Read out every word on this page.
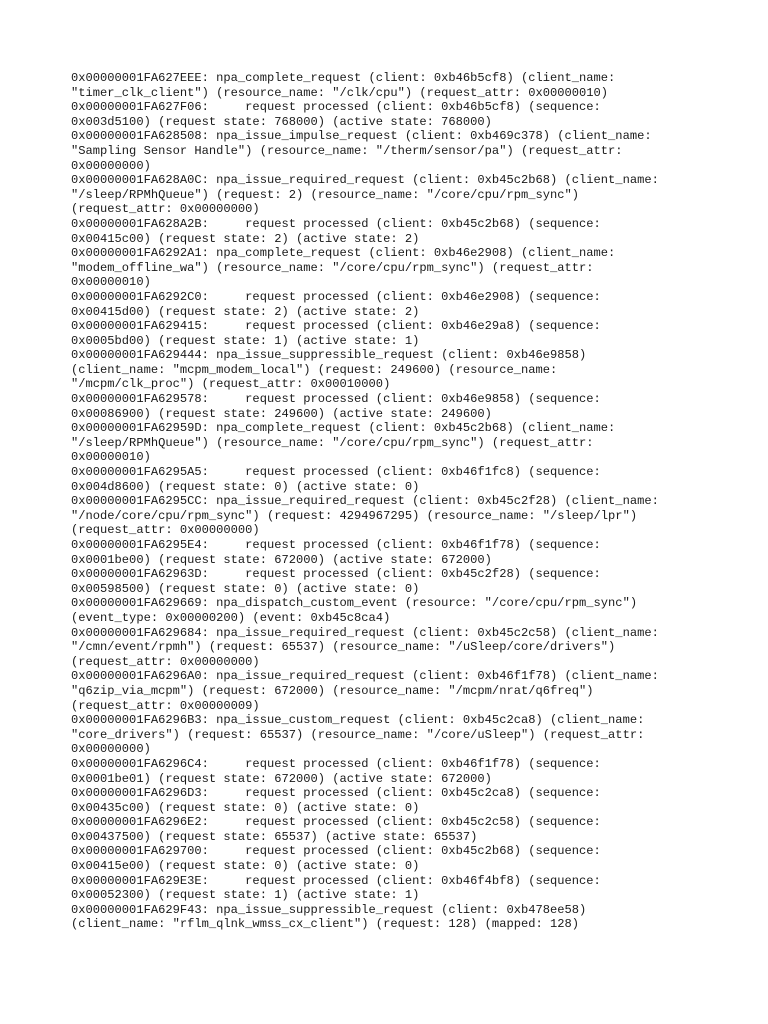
0x00000001FA627EEE: npa_complete_request (client: 0xb46b5cf8) (client_name:
"timer_clk_client") (resource_name: "/clk/cpu") (request_attr: 0x00000010)
0x00000001FA627F06:     request processed (client: 0xb46b5cf8) (sequence:
0x003d5100) (request state: 768000) (active state: 768000)
0x00000001FA628508: npa_issue_impulse_request (client: 0xb469c378) (client_name:
"Sampling Sensor Handle") (resource_name: "/therm/sensor/pa") (request_attr:
0x00000000)
0x00000001FA628A0C: npa_issue_required_request (client: 0xb45c2b68) (client_name:
"/sleep/RPMhQueue") (request: 2) (resource_name: "/core/cpu/rpm_sync")
(request_attr: 0x00000000)
0x00000001FA628A2B:     request processed (client: 0xb45c2b68) (sequence:
0x00415c00) (request state: 2) (active state: 2)
0x00000001FA6292A1: npa_complete_request (client: 0xb46e2908) (client_name:
"modem_offline_wa") (resource_name: "/core/cpu/rpm_sync") (request_attr:
0x00000010)
0x00000001FA6292C0:     request processed (client: 0xb46e2908) (sequence:
0x00415d00) (request state: 2) (active state: 2)
0x00000001FA629415:     request processed (client: 0xb46e29a8) (sequence:
0x0005bd00) (request state: 1) (active state: 1)
0x00000001FA629444: npa_issue_suppressible_request (client: 0xb46e9858)
(client_name: "mcpm_modem_local") (request: 249600) (resource_name:
"/mcpm/clk_proc") (request_attr: 0x00010000)
0x00000001FA629578:     request processed (client: 0xb46e9858) (sequence:
0x00086900) (request state: 249600) (active state: 249600)
0x00000001FA62959D: npa_complete_request (client: 0xb45c2b68) (client_name:
"/sleep/RPMhQueue") (resource_name: "/core/cpu/rpm_sync") (request_attr:
0x00000010)
0x00000001FA6295A5:     request processed (client: 0xb46f1fc8) (sequence:
0x004d8600) (request state: 0) (active state: 0)
0x00000001FA6295CC: npa_issue_required_request (client: 0xb45c2f28) (client_name:
"/node/core/cpu/rpm_sync") (request: 4294967295) (resource_name: "/sleep/lpr")
(request_attr: 0x00000000)
0x00000001FA6295E4:     request processed (client: 0xb46f1f78) (sequence:
0x0001be00) (request state: 672000) (active state: 672000)
0x00000001FA62963D:     request processed (client: 0xb45c2f28) (sequence:
0x00598500) (request state: 0) (active state: 0)
0x00000001FA629669: npa_dispatch_custom_event (resource: "/core/cpu/rpm_sync")
(event_type: 0x00000200) (event: 0xb45c8ca4)
0x00000001FA629684: npa_issue_required_request (client: 0xb45c2c58) (client_name:
"/cmn/event/rpmh") (request: 65537) (resource_name: "/uSleep/core/drivers")
(request_attr: 0x00000000)
0x00000001FA6296A0: npa_issue_required_request (client: 0xb46f1f78) (client_name:
"q6zip_via_mcpm") (request: 672000) (resource_name: "/mcpm/nrat/q6freq")
(request_attr: 0x00000009)
0x00000001FA6296B3: npa_issue_custom_request (client: 0xb45c2ca8) (client_name:
"core_drivers") (request: 65537) (resource_name: "/core/uSleep") (request_attr:
0x00000000)
0x00000001FA6296C4:     request processed (client: 0xb46f1f78) (sequence:
0x0001be01) (request state: 672000) (active state: 672000)
0x00000001FA6296D3:     request processed (client: 0xb45c2ca8) (sequence:
0x00435c00) (request state: 0) (active state: 0)
0x00000001FA6296E2:     request processed (client: 0xb45c2c58) (sequence:
0x00437500) (request state: 65537) (active state: 65537)
0x00000001FA629700:     request processed (client: 0xb45c2b68) (sequence:
0x00415e00) (request state: 0) (active state: 0)
0x00000001FA629E3E:     request processed (client: 0xb46f4bf8) (sequence:
0x00052300) (request state: 1) (active state: 1)
0x00000001FA629F43: npa_issue_suppressible_request (client: 0xb478ee58)
(client_name: "rflm_qlnk_wmss_cx_client") (request: 128) (mapped: 128)
